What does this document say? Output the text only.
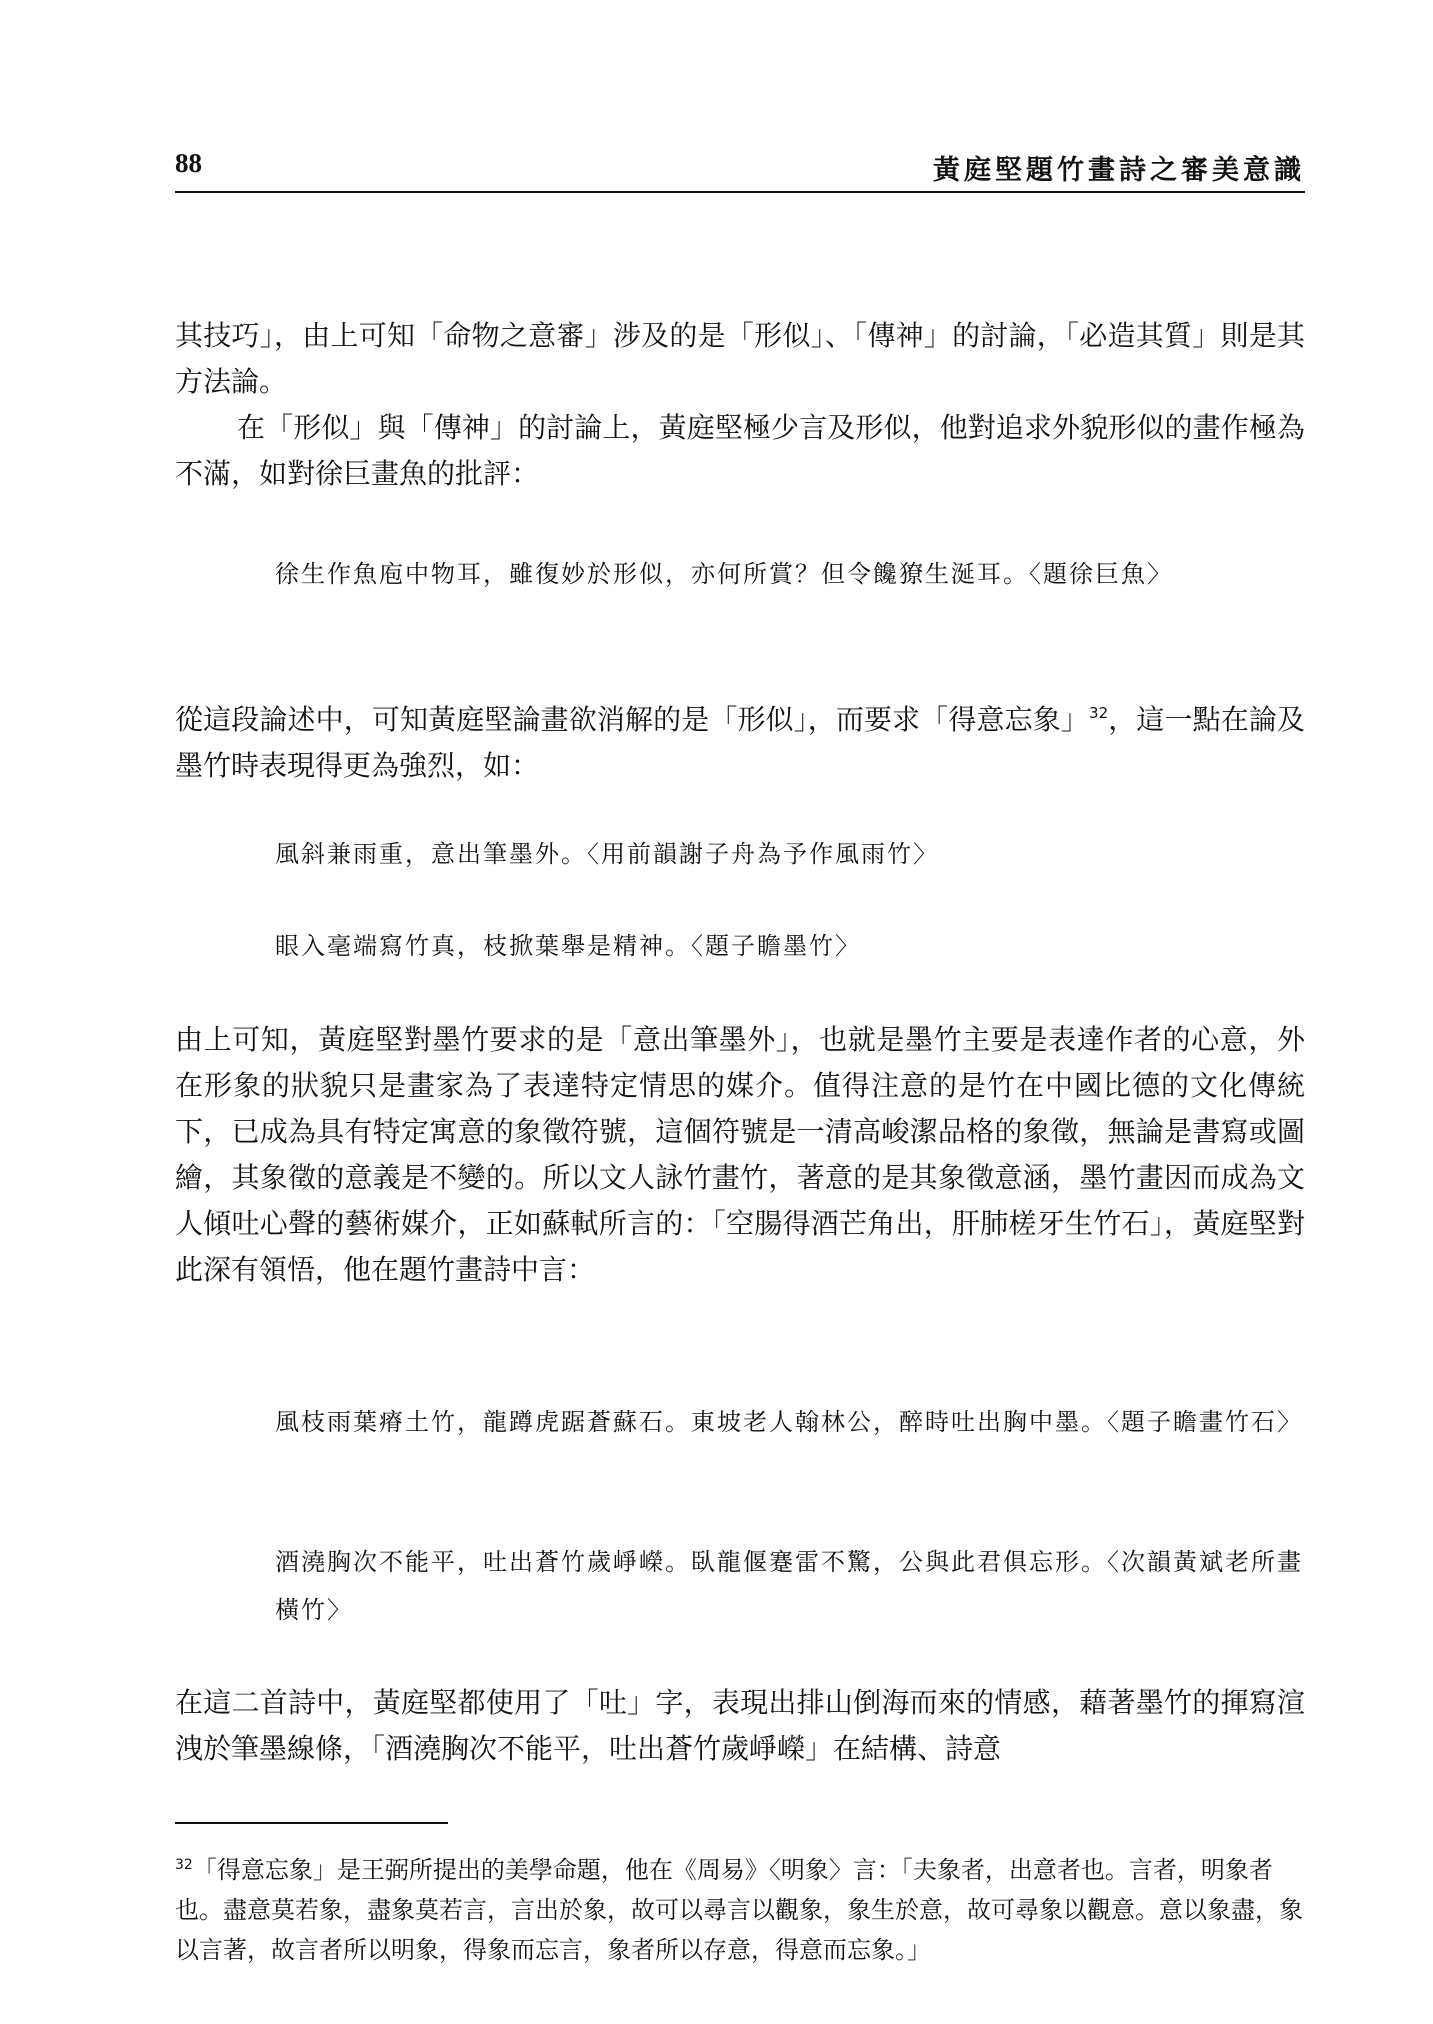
88	黃庭堅題竹畫詩之審美意識

其技巧」，由上可知「命物之意審」涉及的是「形似」、「傳神」的討論，「必造其質」則是其方法論。

在「形似」與「傳神」的討論上，黃庭堅極少言及形似，他對追求外貌形似的畫作極為不滿，如對徐巨畫魚的批評：

徐生作魚庖中物耳，雖復妙於形似，亦何所賞？但令饞獠生涎耳。〈題徐巨魚〉

從這段論述中，可知黃庭堅論畫欲消解的是「形似」，而要求「得意忘象」$^{32}$，這一點在論及墨竹時表現得更為強烈，如：

風斜兼雨重，意出筆墨外。〈用前韻謝子舟為予作風雨竹〉

眼入毫端寫竹真，枝掀葉舉是精神。〈題子瞻墨竹〉

由上可知，黃庭堅對墨竹要求的是「意出筆墨外」，也就是墨竹主要是表達作者的心意，外在形象的狀貌只是畫家為了表達特定情思的媒介。值得注意的是竹在中國比德的文化傳統下，已成為具有特定寓意的象徵符號，這個符號是一清高峻潔品格的象徵，無論是書寫或圖繪，其象徵的意義是不變的。所以文人詠竹畫竹，著意的是其象徵意涵，墨竹畫因而成為文人傾吐心聲的藝術媒介，正如蘇軾所言的：「空腸得酒芒角出，肝肺槎牙生竹石」，黃庭堅對此深有領悟，他在題竹畫詩中言：

風枝雨葉瘠土竹，龍蹲虎踞蒼蘇石。東坡老人翰林公，醉時吐出胸中墨。〈題子瞻畫竹石〉

酒澆胸次不能平，吐出蒼竹歲崢嶸。臥龍偃蹇雷不驚，公與此君俱忘形。〈次韻黃斌老所畫橫竹〉

在這二首詩中，黃庭堅都使用了「吐」字，表現出排山倒海而來的情感，藉著墨竹的揮寫渲洩於筆墨線條，「酒澆胸次不能平，吐出蒼竹歲崢嶸」在結構、詩意

$^{32}$「得意忘象」是王弼所提出的美學命題，他在《周易》〈明象〉言：「夫象者，出意者也。言者，明象者也。盡意莫若象，盡象莫若言，言出於象，故可以尋言以觀象，象生於意，故可尋象以觀意。意以象盡，象以言著，故言者所以明象，得象而忘言，象者所以存意，得意而忘象。」
